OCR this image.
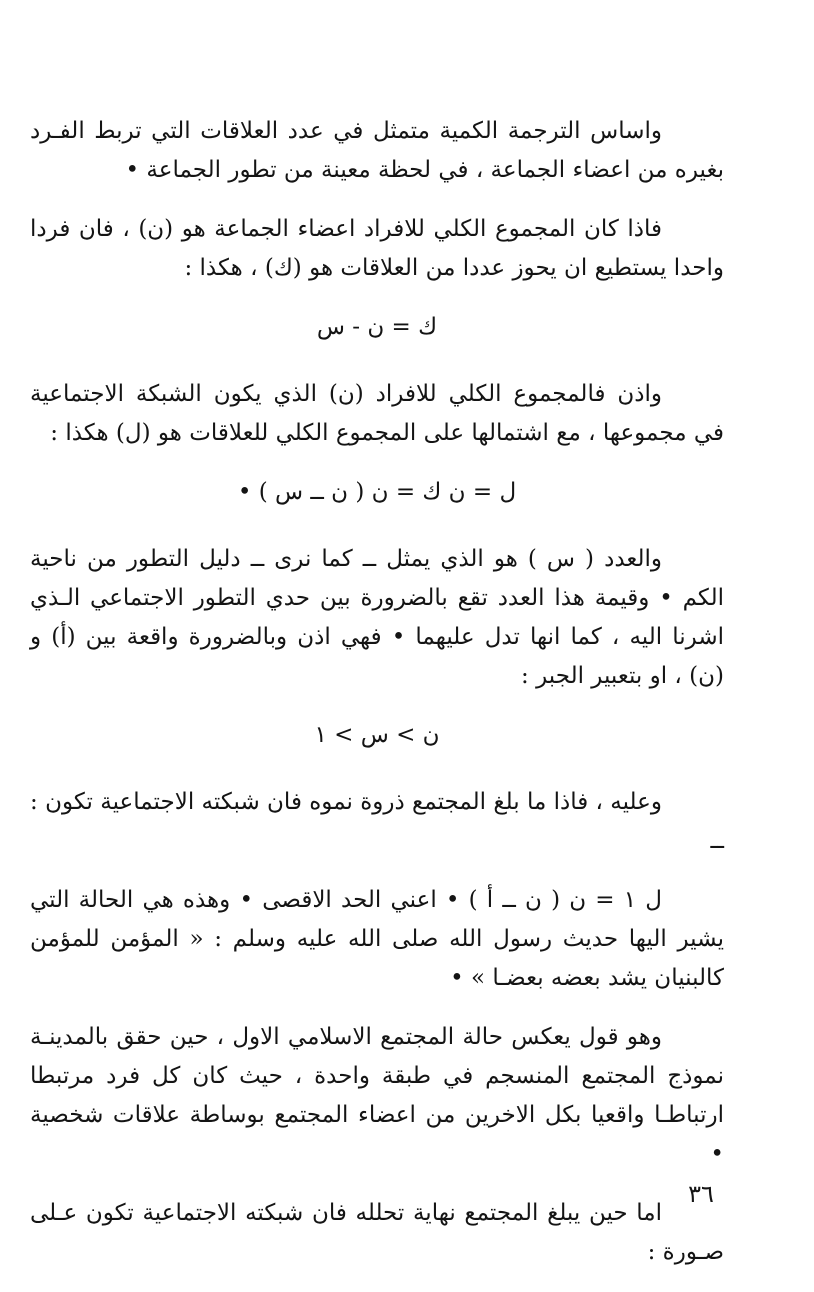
واساس الترجمة الكمية متمثل في عدد العلاقات التي تربط الفـرد بغيره من اعضاء الجماعة ، في لحظة معينة من تطور الجماعة •

فاذا كان المجموع الكلي للافراد اعضاء الجماعة هو (ن) ، فان فردا واحدا يستطيع ان يحوز عددا من العلاقات هو (ك) ، هكذا :

ك = ن - س

واذن فالمجموع الكلي للافراد (ن) الذي يكون الشبكة الاجتماعية في مجموعها ، مع اشتمالها على المجموع الكلي للعلاقات هو (ل) هكذا :

ل = ن ك = ن ( ن ــ س ) •

والعدد ( س ) هو الذي يمثل ــ كما نرى ــ دليل التطور من ناحية الكم • وقيمة هذا العدد تقع بالضرورة بين حدي التطور الاجتماعي الـذي اشرنا اليه ، كما انها تدل عليهما • فهي اذن وبالضرورة واقعة بين (أ) و (ن) ، او بتعبير الجبر :

ن > س > ١

وعليه ، فاذا ما بلغ المجتمع ذروة نموه فان شبكته الاجتماعية تكون : ــ

ل ١ = ن ( ن ــ أ ) • اعني الحد الاقصى • وهذه هي الحالة التي يشير اليها حديث رسول الله صلى الله عليه وسلم : « المؤمن للمؤمن كالبنيان يشد بعضه بعضـا » •

وهو قول يعكس حالة المجتمع الاسلامي الاول ، حين حقق بالمدينـة نموذج المجتمع المنسجم في طبقة واحدة ، حيث كان كل فرد مرتبطا ارتباطـا واقعيا بكل الاخرين من اعضاء المجتمع بوساطة علاقات شخصية •

اما حين يبلغ المجتمع نهاية تحلله فان شبكته الاجتماعية تكون عـلى صـورة :

٣٦
